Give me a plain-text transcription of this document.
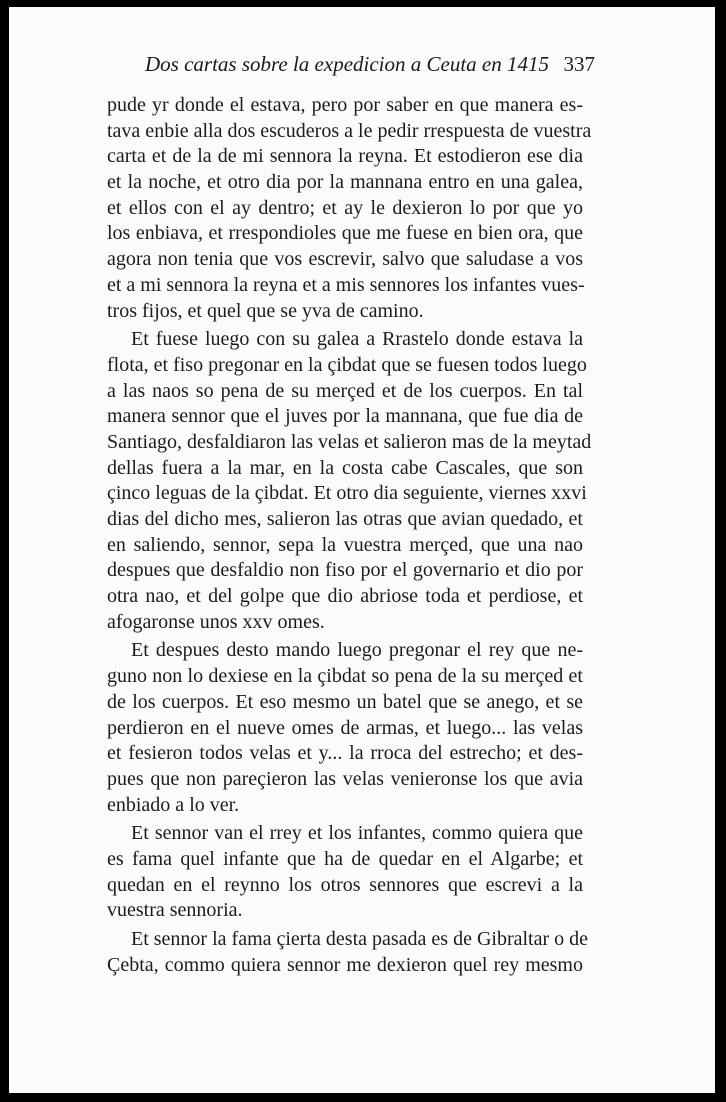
Dos cartas sobre la expedicion a Ceuta en 1415 337
pude yr donde el estava, pero por saber en que manera es-
tava enbie alla dos escuderos a le pedir rrespuesta de vuestra
carta et de la de mi sennora la reyna. Et estodieron ese dia
et la noche, et otro dia por la mannana entro en una galea,
et ellos con el ay dentro; et ay le dexieron lo por que yo
los enbiava, et rrespondioles que me fuese en bien ora, que
agora non tenia que vos escrevir, salvo que saludase a vos
et a mi sennora la reyna et a mis sennores los infantes vues-
tros fijos, et quel que se yva de camino.
Et fuese luego con su galea a Rrastelo donde estava la
flota, et fiso pregonar en la çibdat que se fuesen todos luego
a las naos so pena de su merçed et de los cuerpos. En tal
manera sennor que el juves por la mannana, que fue dia de
Santiago, desfaldiaron las velas et salieron mas de la meytad
dellas fuera a la mar, en la costa cabe Cascales, que son
çinco leguas de la çibdat. Et otro dia seguiente, viernes xxvi
dias del dicho mes, salieron las otras que avian quedado, et
en saliendo, sennor, sepa la vuestra merçed, que una nao
despues que desfaldio non fiso por el governario et dio por
otra nao, et del golpe que dio abriose toda et perdiose, et
afogaronse unos xxv omes.
Et despues desto mando luego pregonar el rey que ne-
guno non lo dexiese en la çibdat so pena de la su merçed et
de los cuerpos. Et eso mesmo un batel que se anego, et se
perdieron en el nueve omes de armas, et luego... las velas
et fesieron todos velas et y... la rroca del estrecho; et des-
pues que non pareçieron las velas venieronse los que avia
enbiado a lo ver.
Et sennor van el rrey et los infantes, commo quiera que
es fama quel infante que ha de quedar en el Algarbe; et
quedan en el reynno los otros sennores que escrevi a la
vuestra sennoria.
Et sennor la fama çierta desta pasada es de Gibraltar o de
Çebta, commo quiera sennor me dexieron quel rey mesmo
